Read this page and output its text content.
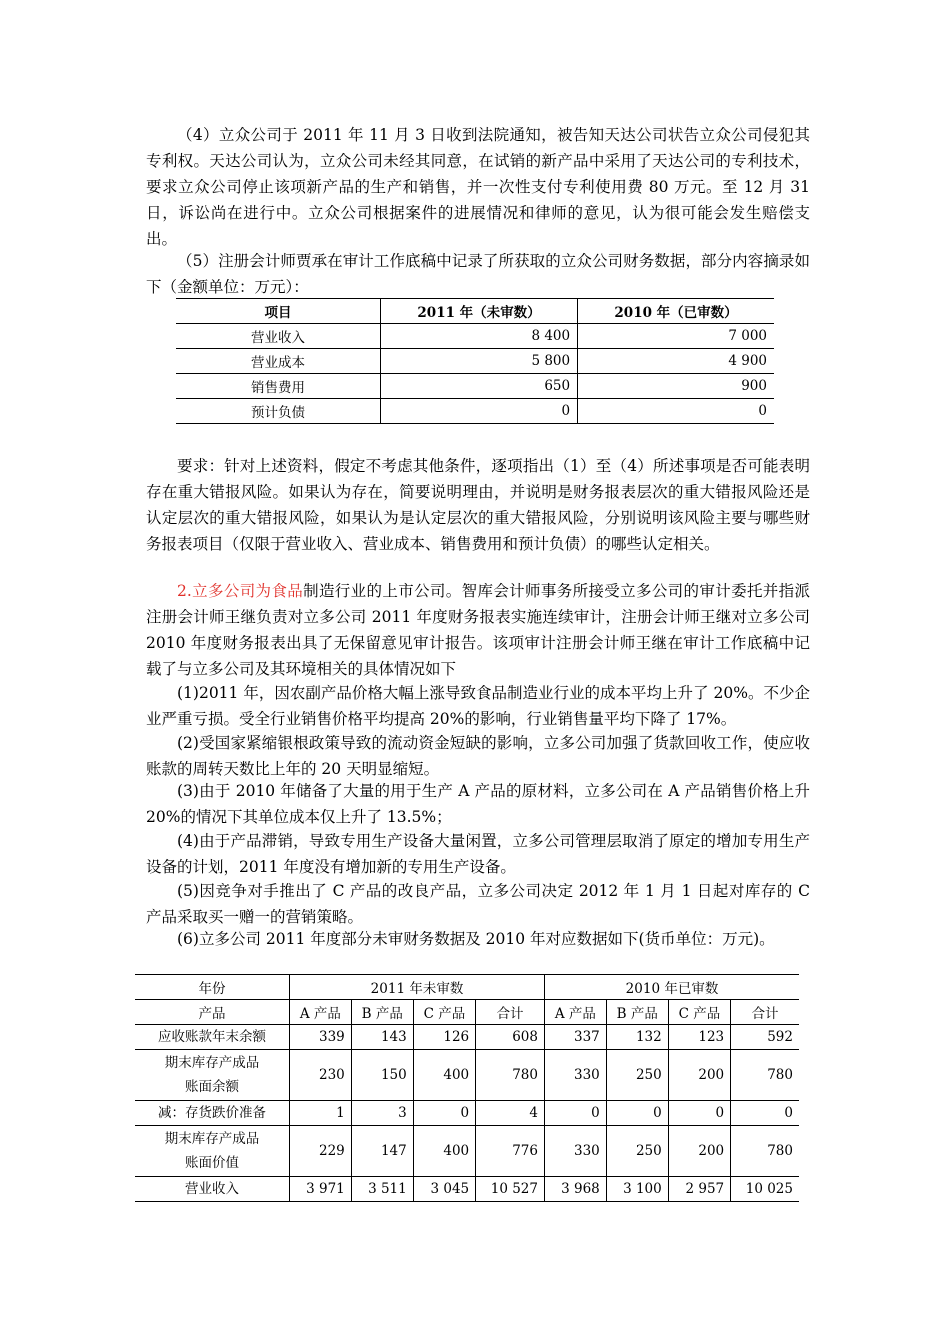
（4）立众公司于 2011 年 11 月 3 日收到法院通知，被告知天达公司状告立众公司侵犯其专利权。天达公司认为，立众公司未经其同意，在试销的新产品中采用了天达公司的专利技术，要求立众公司停止该项新产品的生产和销售，并一次性支付专利使用费 80 万元。至 12 月 31 日，诉讼尚在进行中。立众公司根据案件的进展情况和律师的意见，认为很可能会发生赔偿支出。

（5）注册会计师贾承在审计工作底稿中记录了所获取的立众公司财务数据，部分内容摘录如下（金额单位：万元）：

项目	2011 年（未审数）	2010 年（已审数）
营业收入	8 400	7 000
营业成本	5 800	4 900
销售费用	650	900
预计负债	0	0

要求：针对上述资料，假定不考虑其他条件，逐项指出（1）至（4）所述事项是否可能表明存在重大错报风险。如果认为存在，简要说明理由，并说明是财务报表层次的重大错报风险还是认定层次的重大错报风险，如果认为是认定层次的重大错报风险，分别说明该风险主要与哪些财务报表项目（仅限于营业收入、营业成本、销售费用和预计负债）的哪些认定相关。

2.立多公司为食品制造行业的上市公司。智库会计师事务所接受立多公司的审计委托并指派注册会计师王继负责对立多公司 2011 年度财务报表实施连续审计，注册会计师王继对立多公司 2010 年度财务报表出具了无保留意见审计报告。该项审计注册会计师王继在审计工作底稿中记载了与立多公司及其环境相关的具体情况如下

(1)2011 年，因农副产品价格大幅上涨导致食品制造业行业的成本平均上升了 20%。不少企业严重亏损。受全行业销售价格平均提高 20%的影响，行业销售量平均下降了 17%。

(2)受国家紧缩银根政策导致的流动资金短缺的影响，立多公司加强了货款回收工作，使应收账款的周转天数比上年的 20 天明显缩短。

(3)由于 2010 年储备了大量的用于生产 A 产品的原材料，立多公司在 A 产品销售价格上升 20%的情况下其单位成本仅上升了 13.5%；

(4)由于产品滞销，导致专用生产设备大量闲置，立多公司管理层取消了原定的增加专用生产设备的计划，2011 年度没有增加新的专用生产设备。

(5)因竞争对手推出了 C 产品的改良产品，立多公司决定 2012 年 1 月 1 日起对库存的 C 产品采取买一赠一的营销策略。

(6)立多公司 2011 年度部分未审财务数据及 2010 年对应数据如下(货币单位：万元)。

年份	2011 年未审数				2010 年已审数			
产品	A 产品	B 产品	C 产品	合计	A 产品	B 产品	C 产品	合计
应收账款年末余额	339	143	126	608	337	132	123	592

期末库存产成品
账面余额	230	150	400	780	330	250	200	780
减：存货跌价准备	1	3	0	4	0	0	0	0

期末库存产成品
账面价值	229	147	400	776	330	250	200	780
营业收入	3 971	3 511	3 045	10 527	3 968	3 100	2 957	10 025
